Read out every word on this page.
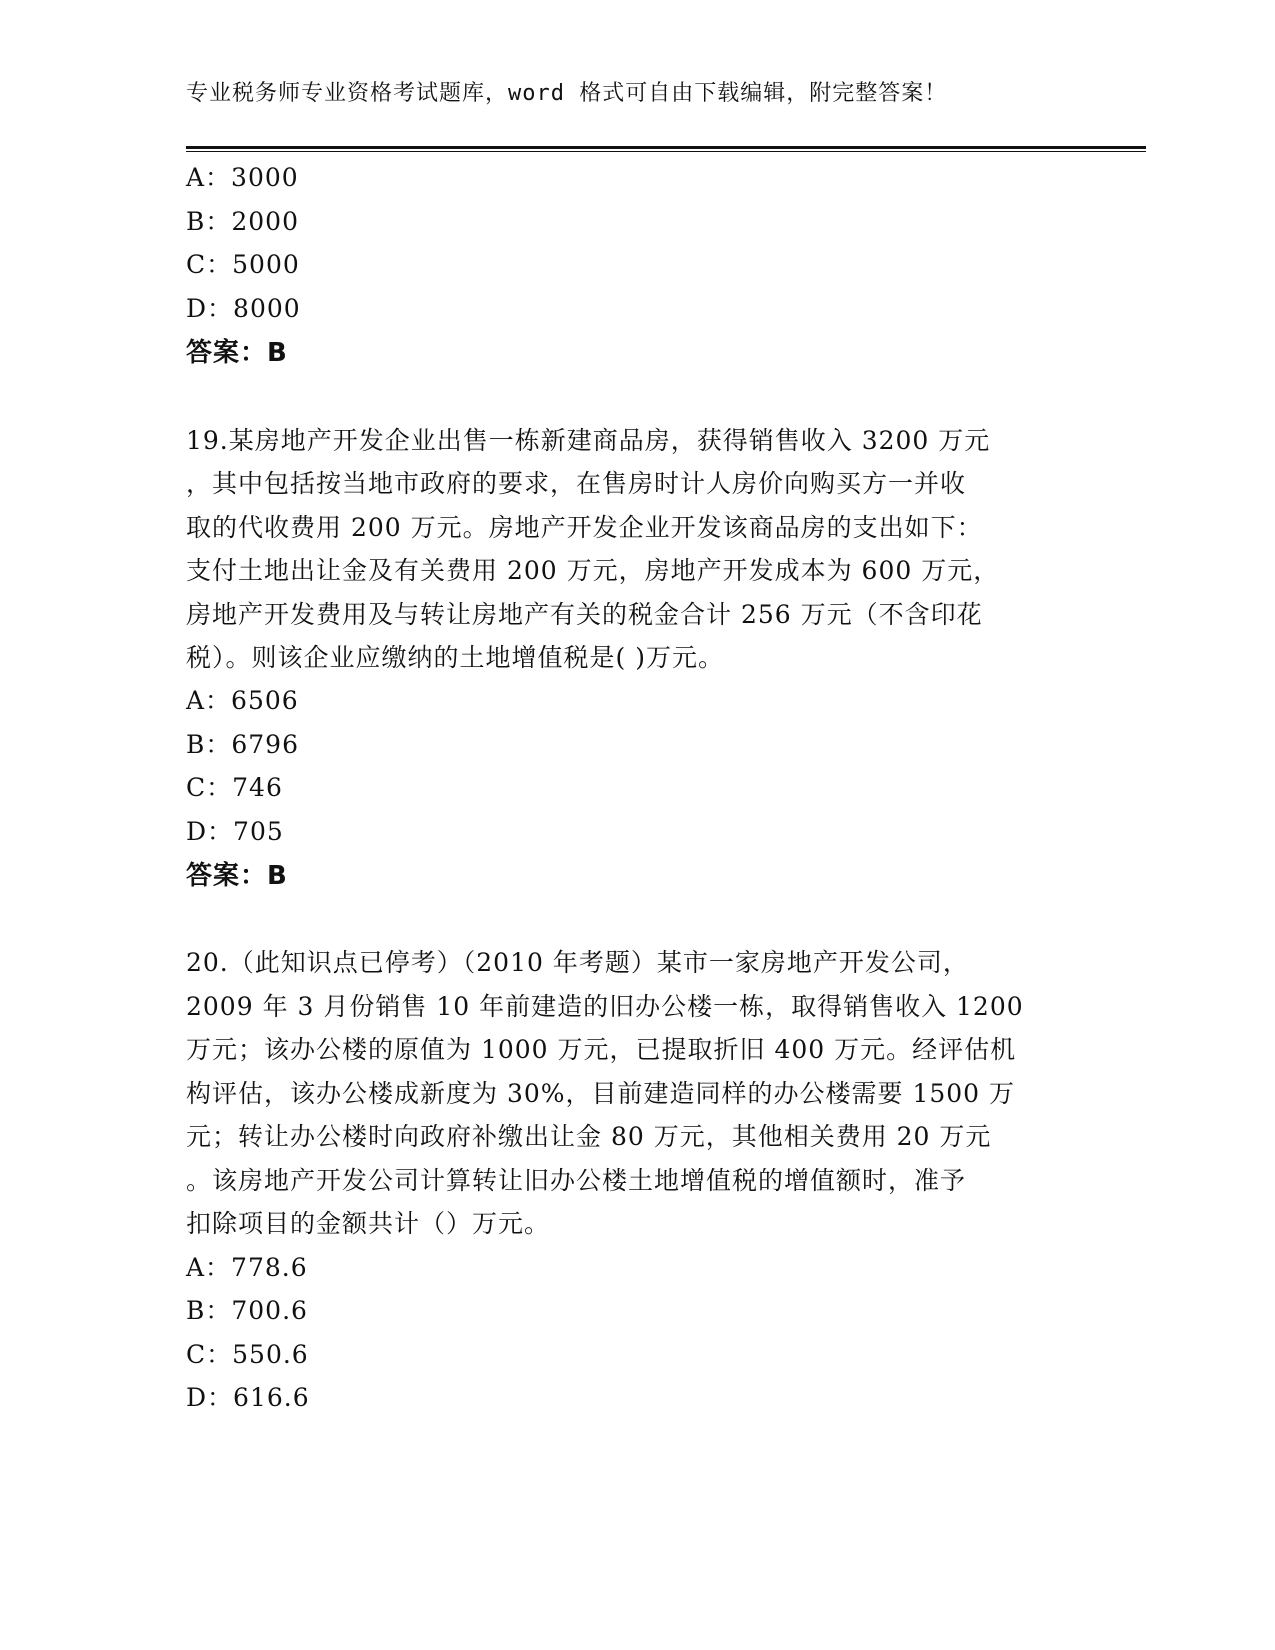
专业税务师专业资格考试题库，word 格式可自由下载编辑，附完整答案！
A：3000
B：2000
C：5000
D：8000
答案：B
19.某房地产开发企业出售一栋新建商品房，获得销售收入 3200 万元
，其中包括按当地市政府的要求，在售房时计人房价向购买方一并收
取的代收费用 200 万元。房地产开发企业开发该商品房的支出如下：
支付土地出让金及有关费用 200 万元，房地产开发成本为 600 万元，
房地产开发费用及与转让房地产有关的税金合计 256 万元（不含印花
税）。则该企业应缴纳的土地增值税是( )万元。
A：6506
B：6796
C：746
D：705
答案：B
20.（此知识点已停考）（2010 年考题）某市一家房地产开发公司，
2009 年 3 月份销售 10 年前建造的旧办公楼一栋，取得销售收入 1200
万元；该办公楼的原值为 1000 万元，已提取折旧 400 万元。经评估机
构评估，该办公楼成新度为 30%，目前建造同样的办公楼需要 1500 万
元；转让办公楼时向政府补缴出让金 80 万元，其他相关费用 20 万元
。该房地产开发公司计算转让旧办公楼土地增值税的增值额时，准予
扣除项目的金额共计（）万元。
A：778.6
B：700.6
C：550.6
D：616.6
